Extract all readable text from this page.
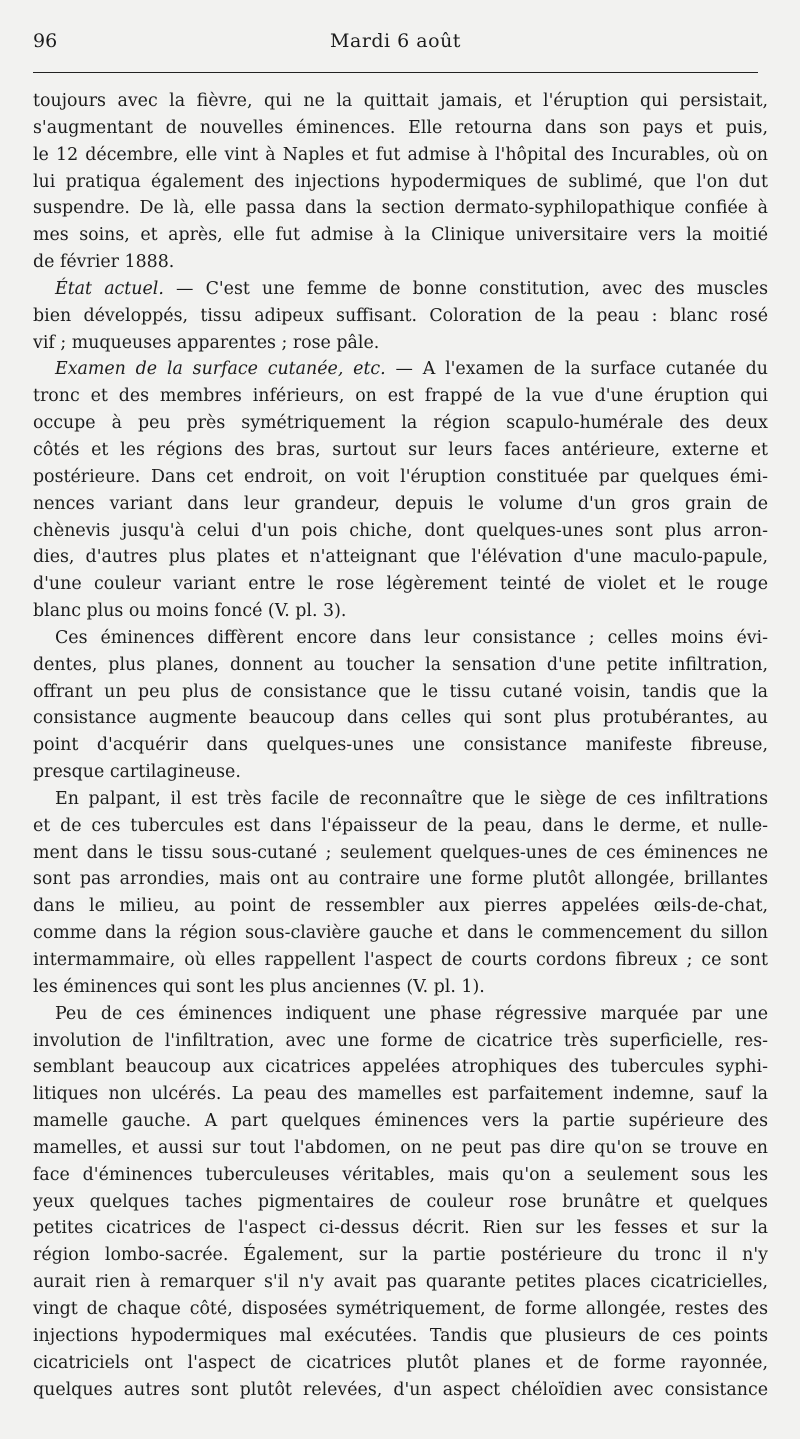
96	Mardi 6 août
toujours avec la fièvre, qui ne la quittait jamais, et l'éruption qui persistait,
s'augmentant de nouvelles éminences. Elle retourna dans son pays et puis,
le 12 décembre, elle vint à Naples et fut admise à l'hôpital des Incurables, où on
lui pratiqua également des injections hypodermiques de sublimé, que l'on dut
suspendre. De là, elle passa dans la section dermato-syphilopathique confiée à
mes soins, et après, elle fut admise à la Clinique universitaire vers la moitié
de février 1888.
État actuel. — C'est une femme de bonne constitution, avec des muscles
bien développés, tissu adipeux suffisant. Coloration de la peau : blanc rosé
vif ; muqueuses apparentes ; rose pâle.
Examen de la surface cutanée, etc. — A l'examen de la surface cutanée du
tronc et des membres inférieurs, on est frappé de la vue d'une éruption qui
occupe à peu près symétriquement la région scapulo-humérale des deux
côtés et les régions des bras, surtout sur leurs faces antérieure, externe et
postérieure. Dans cet endroit, on voit l'éruption constituée par quelques émi-
nences variant dans leur grandeur, depuis le volume d'un gros grain de
chènevis jusqu'à celui d'un pois chiche, dont quelques-unes sont plus arron-
dies, d'autres plus plates et n'atteignant que l'élévation d'une maculo-papule,
d'une couleur variant entre le rose légèrement teinté de violet et le rouge
blanc plus ou moins foncé (V. pl. 3).
Ces éminences diffèrent encore dans leur consistance ; celles moins évi-
dentes, plus planes, donnent au toucher la sensation d'une petite infiltration,
offrant un peu plus de consistance que le tissu cutané voisin, tandis que la
consistance augmente beaucoup dans celles qui sont plus protubérantes, au
point d'acquérir dans quelques-unes une consistance manifeste fibreuse,
presque cartilagineuse.
En palpant, il est très facile de reconnaître que le siège de ces infiltrations
et de ces tubercules est dans l'épaisseur de la peau, dans le derme, et nulle-
ment dans le tissu sous-cutané ; seulement quelques-unes de ces éminences ne
sont pas arrondies, mais ont au contraire une forme plutôt allongée, brillantes
dans le milieu, au point de ressembler aux pierres appelées œils-de-chat,
comme dans la région sous-clavière gauche et dans le commencement du sillon
intermammaire, où elles rappellent l'aspect de courts cordons fibreux ; ce sont
les éminences qui sont les plus anciennes (V. pl. 1).
Peu de ces éminences indiquent une phase régressive marquée par une
involution de l'infiltration, avec une forme de cicatrice très superficielle, res-
semblant beaucoup aux cicatrices appelées atrophiques des tubercules syphi-
litiques non ulcérés. La peau des mamelles est parfaitement indemne, sauf la
mamelle gauche. A part quelques éminences vers la partie supérieure des
mamelles, et aussi sur tout l'abdomen, on ne peut pas dire qu'on se trouve en
face d'éminences tuberculeuses véritables, mais qu'on a seulement sous les
yeux quelques taches pigmentaires de couleur rose brunâtre et quelques
petites cicatrices de l'aspect ci-dessus décrit. Rien sur les fesses et sur la
région lombo-sacrée. Également, sur la partie postérieure du tronc il n'y
aurait rien à remarquer s'il n'y avait pas quarante petites places cicatricielles,
vingt de chaque côté, disposées symétriquement, de forme allongée, restes des
injections hypodermiques mal exécutées. Tandis que plusieurs de ces points
cicatriciels ont l'aspect de cicatrices plutôt planes et de forme rayonnée,
quelques autres sont plutôt relevées, d'un aspect chéloïdien avec consistance
